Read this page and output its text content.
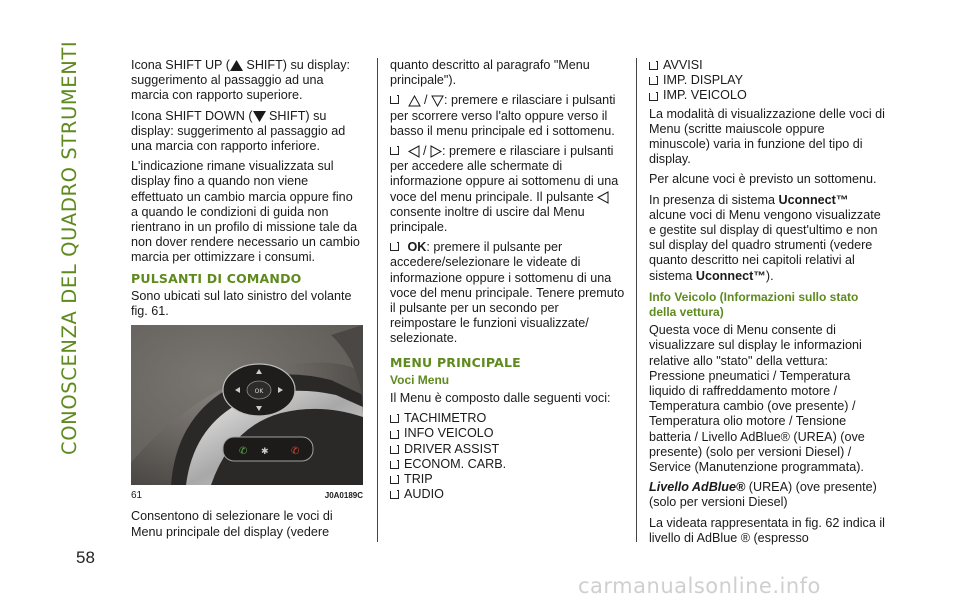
CONOSCENZA DEL QUADRO STRUMENTI
58

Icona SHIFT UP ( SHIFT) su display: suggerimento al passaggio ad una marcia con rapporto superiore.

Icona SHIFT DOWN ( SHIFT) su display: suggerimento al passaggio ad una marcia con rapporto inferiore.

L'indicazione rimane visualizzata sul display fino a quando non viene effettuato un cambio marcia oppure fino a quando le condizioni di guida non rientrano in un profilo di missione tale da non dover rendere necessario un cambio marcia per ottimizzare i consumi.

PULSANTI DI COMANDO

Sono ubicati sul lato sinistro del volante fig. 61.

OK
✆ ✱ ✆
61	J0A0189C

Consentono di selezionare le voci di Menu principale del display (vedere

quanto descritto al paragrafo "Menu principale").

/ : premere e rilasciare i pulsanti per scorrere verso l'alto oppure verso il basso il menu principale ed i sottomenu.

/ : premere e rilasciare i pulsanti per accedere alle schermate di informazione oppure ai sottomenu di una voce del menu principale. Il pulsante  consente inoltre di uscire dal Menu principale.

OK: premere il pulsante per accedere/selezionare le videate di informazione oppure i sottomenu di una voce del menu principale. Tenere premuto il pulsante per un secondo per reimpostare le funzioni visualizzate/ selezionate.

MENU PRINCIPALE
Voci Menu

Il Menu è composto dalle seguenti voci:

TACHIMETRO
INFO VEICOLO
DRIVER ASSIST
ECONOM. CARB.
TRIP
AUDIO
AVVISI
IMP. DISPLAY
IMP. VEICOLO

La modalità di visualizzazione delle voci di Menu (scritte maiuscole oppure minuscole) varia in funzione del tipo di display.

Per alcune voci è previsto un sottomenu.

In presenza di sistema Uconnect™ alcune voci di Menu vengono visualizzate e gestite sul display di quest'ultimo e non sul display del quadro strumenti (vedere quanto descritto nei capitoli relativi al sistema Uconnect™).

Info Veicolo (Informazioni sullo stato della vettura)

Questa voce di Menu consente di visualizzare sul display le informazioni relative allo "stato" della vettura: Pressione pneumatici / Temperatura liquido di raffreddamento motore / Temperatura cambio (ove presente) / Temperatura olio motore / Tensione batteria / Livello AdBlue® (UREA) (ove presente) (solo per versioni Diesel) / Service (Manutenzione programmata).

Livello AdBlue® (UREA) (ove presente) (solo per versioni Diesel)

La videata rappresentata in fig. 62 indica il livello di AdBlue ® (espresso

carmanualsonline.info
